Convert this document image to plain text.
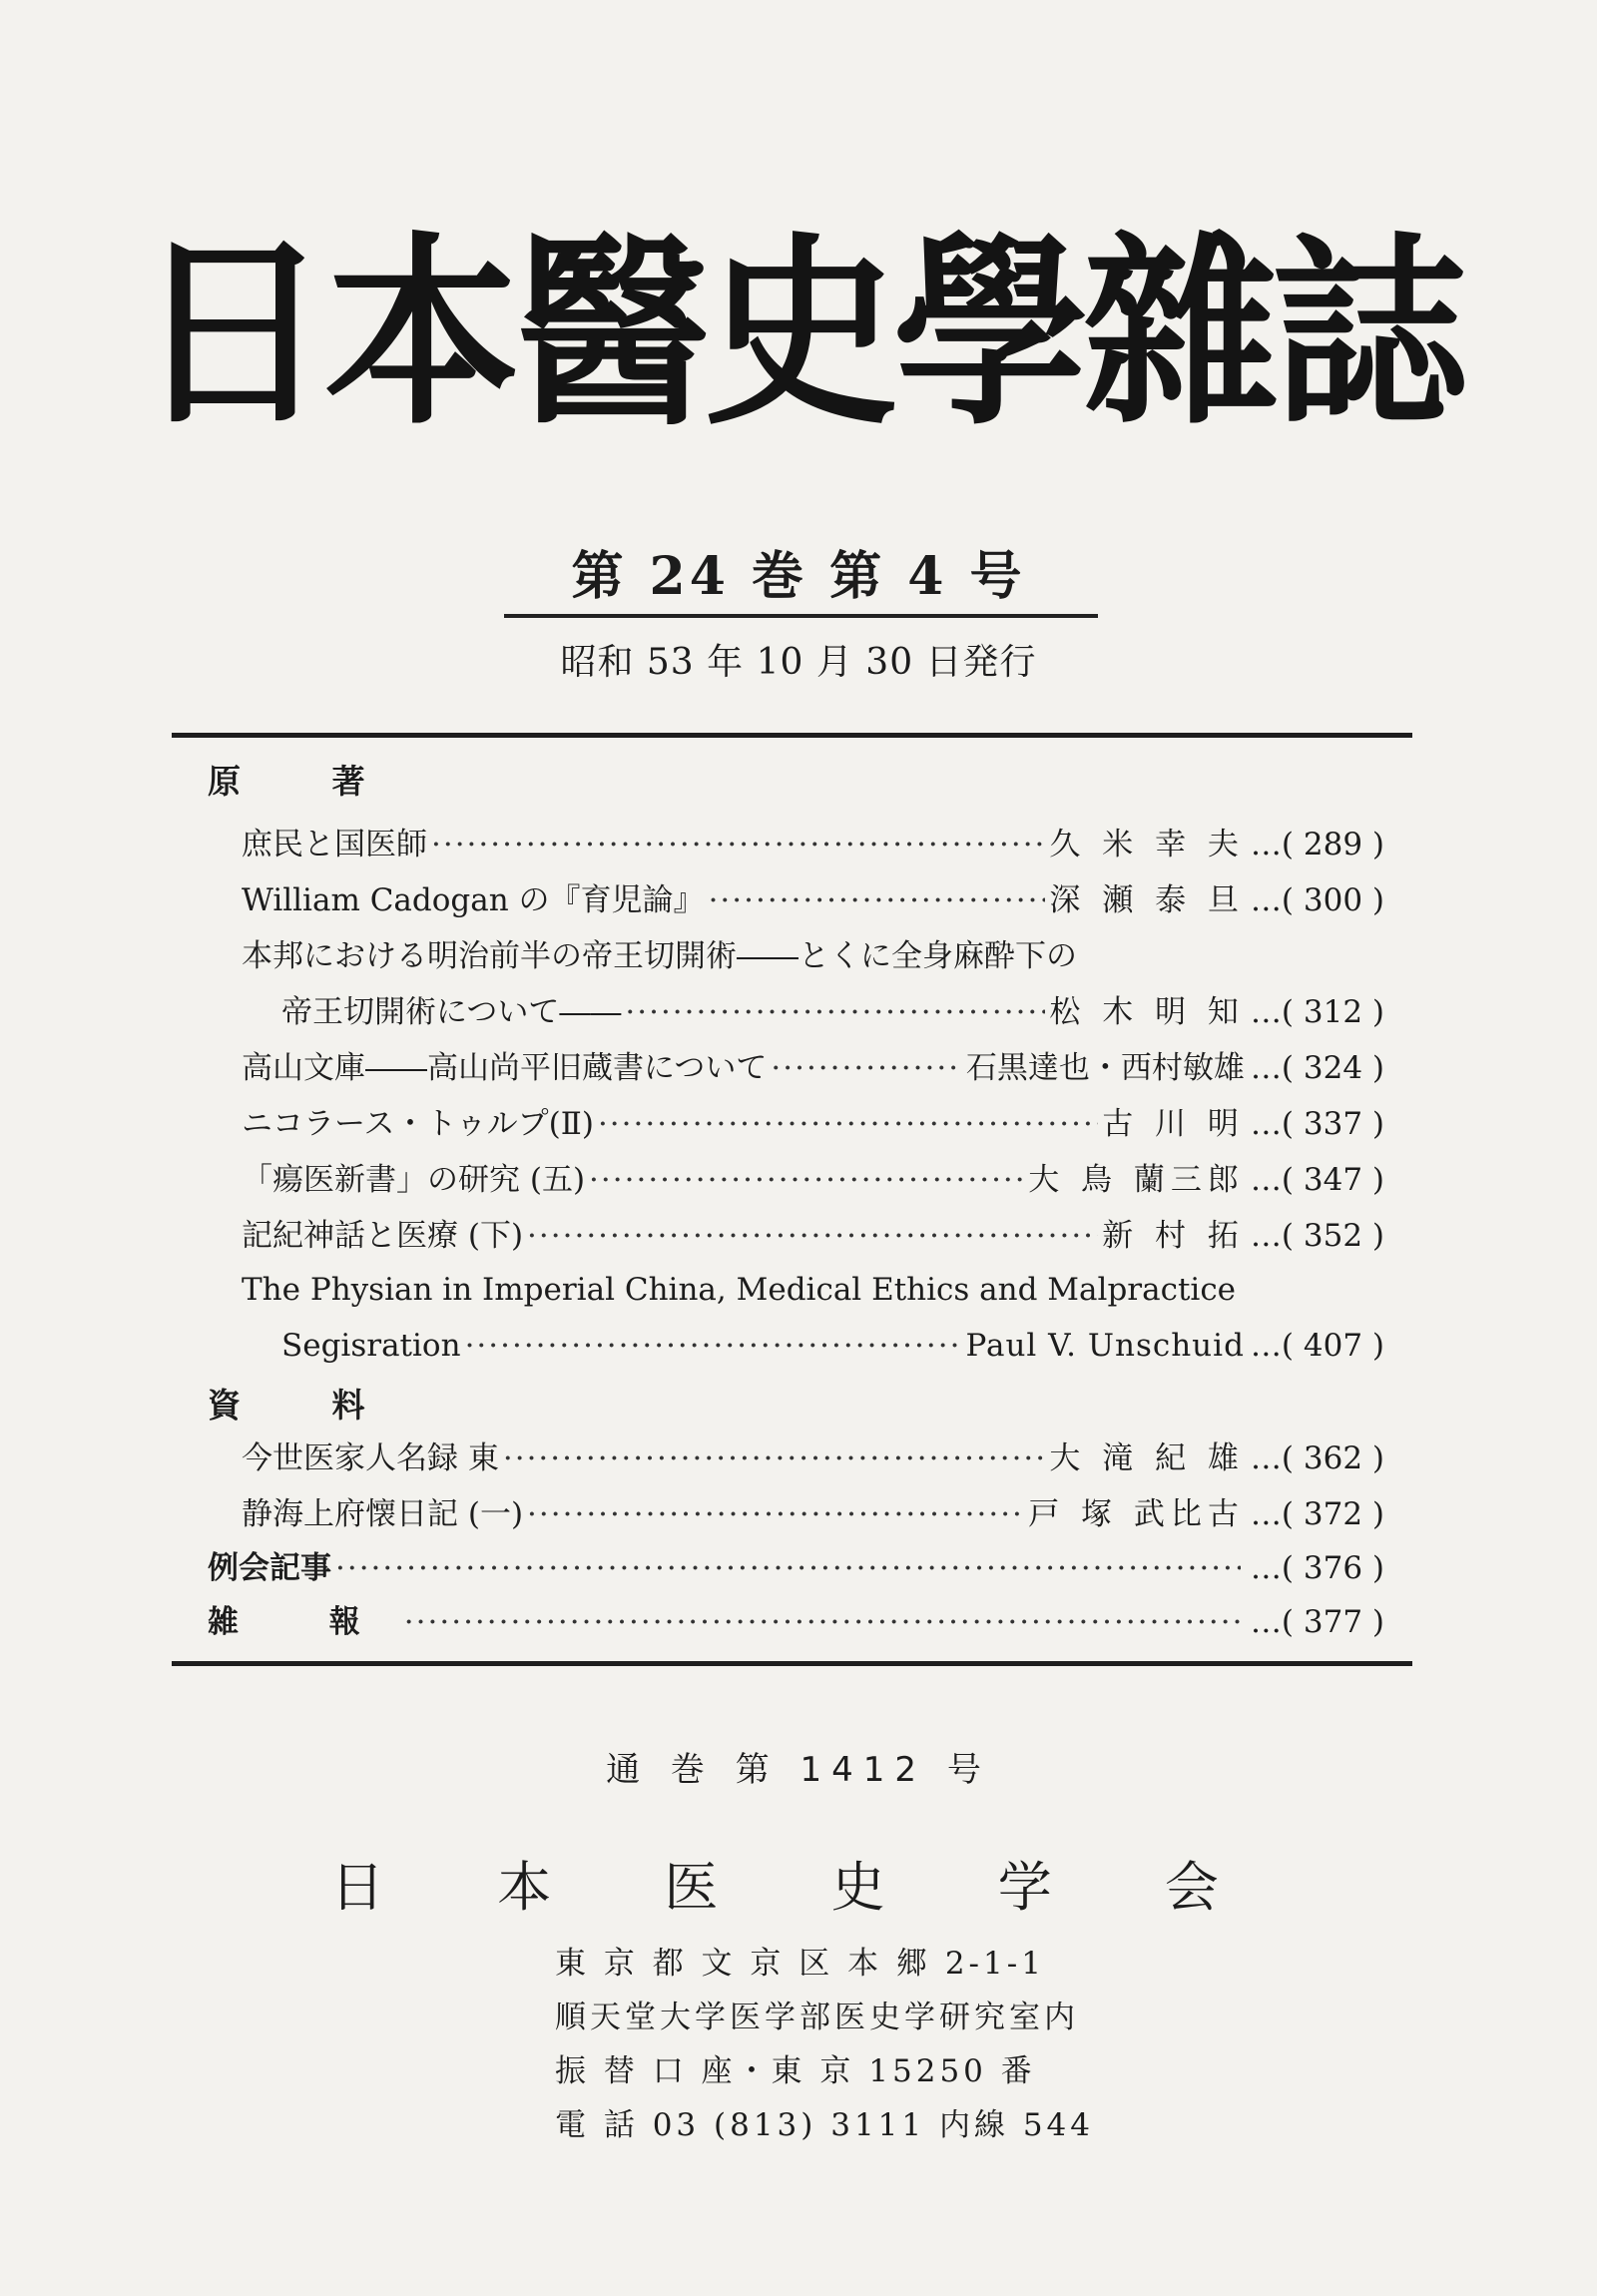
日本醫史學雜誌
第 24 巻 第 4 号
昭和 53 年 10 月 30 日発行
原 著
庶民と国医師 ·····	久 米 幸 夫 …( 289 )
William Cadogan の『育児論』 ·····	深 瀬 泰 旦 …( 300 )
本邦における明治前半の帝王切開術――とくに全身麻酔下の
帝王切開術について―― ·····	松 木 明 知 …( 312 )
高山文庫――高山尚平旧蔵書について ·····	石黒達也・西村敏雄 …( 324 )
ニコラース・トゥルプ(Ⅱ) ·····	古 川 明 …( 337 )
「瘍医新書」の研究 (五) ·····	大 鳥 蘭三郎 …( 347 )
記紀神話と医療 (下) ·····	新 村 拓 …( 352 )
The Physian in Imperial China, Medical Ethics and Malpractice
Segisration ·····	Paul V. Unschuid …( 407 )
資 料
今世医家人名録 東 ·····	大 滝 紀 雄 …( 362 )
静海上府懐日記 (一) ·····	戸 塚 武比古 …( 372 )
例会記事 ·····	…( 376 )
雑 報 ·····	…( 377 )
通 巻 第 1412 号
日 本 医 史 学 会
東 京 都 文 京 区 本 郷 2-1-1
順天堂大学医学部医史学研究室内
振 替 口 座・東 京 15250 番
電 話 03 (813) 3111 内線 544
